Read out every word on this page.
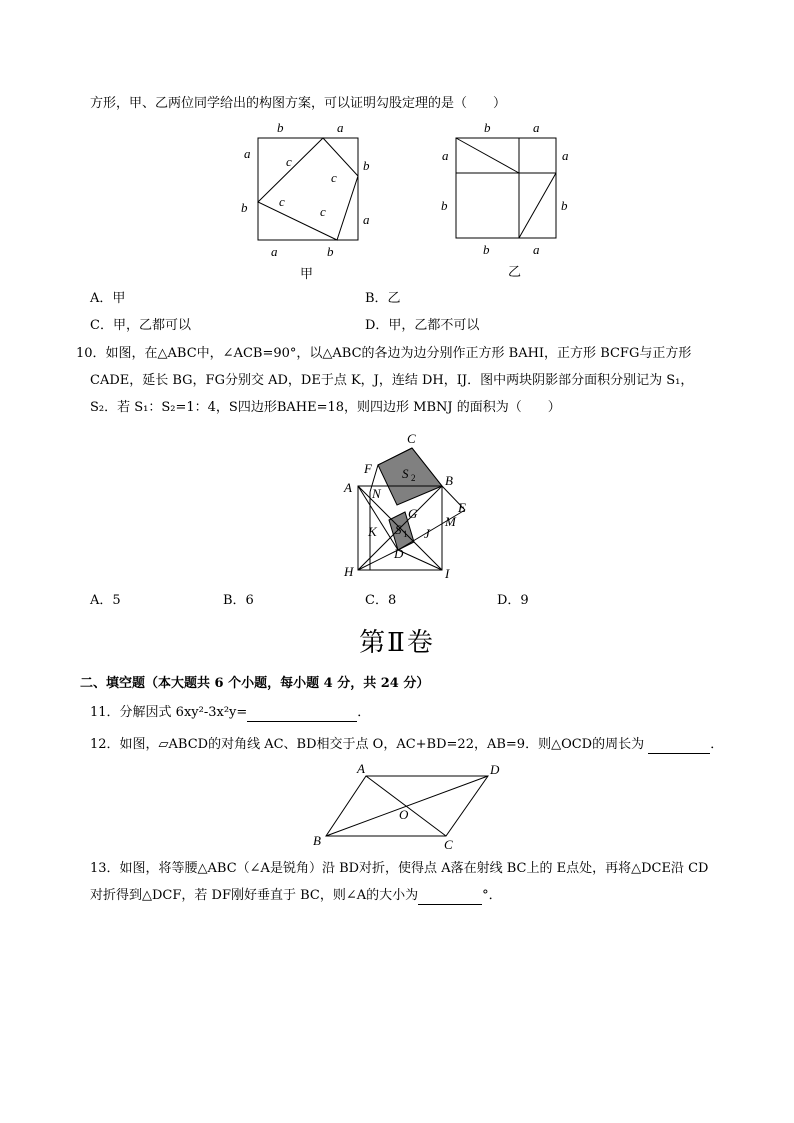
方形，甲、乙两位同学给出的构图方案，可以证明勾股定理的是（　　）
b	a
a
b
b
a
a	b
c
c
c
c
甲
b	a
a
b
a
b
b	a
乙
A．甲	B．乙
C．甲，乙都可以	D．甲，乙都不可以
10．如图，在△ABC中，∠ACB=90°，以△ABC的各边为边分别作正方形 BAHI，正方形 BCFG与正方形
CADE，延长 BG，FG分别交 AD，DE于点 K，J，连结 DH，IJ．图中两块阴影部分面积分别记为 S₁，
S₂．若 S₁：S₂=1：4，S四边形BAHE=18，则四边形 MBNJ 的面积为（　　）
C
F
A	B
N
E
G
M
K	J
D
H	I
S 2
S 1
A．5	B．6	C．8	D．9
第Ⅱ卷
二、填空题（本大题共 6 个小题，每小题 4 分，共 24 分）
11．分解因式 6xy²-3x²y=	．
12．如图，▱ABCD的对角线 AC、BD相交于点 O，AC+BD=22，AB=9．则△OCD的周长为	．
A	D
O
B	C
13．如图，将等腰△ABC（∠A是锐角）沿 BD对折，使得点 A落在射线 BC上的 E点处，再将△DCE沿 CD
对折得到△DCF，若 DF刚好垂直于 BC，则∠A的大小为	°．
